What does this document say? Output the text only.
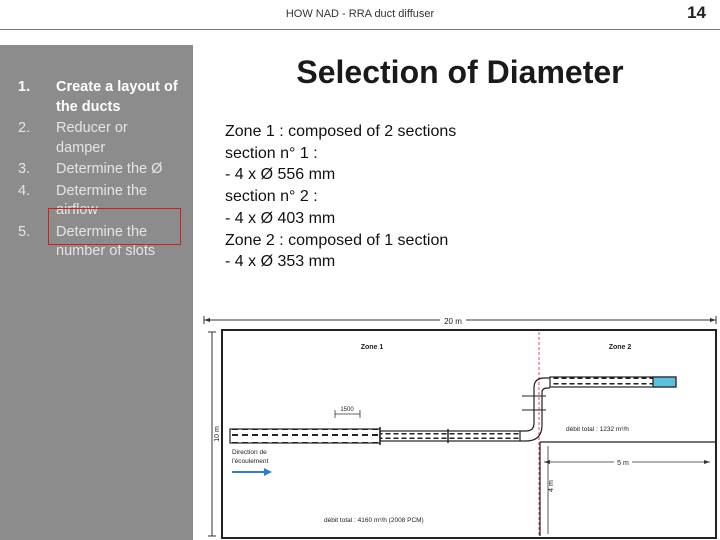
HOW NAD - RRA duct diffuser	14
1. Create a layout of the ducts
2. Reducer or damper
3. Determine the Ø
4. Determine the airflow
5. Determine the number of slots
Selection of Diameter
Zone 1 : composed of 2 sections
section n° 1 :
- 4 x Ø 556 mm
section n° 2 :
- 4 x Ø 403 mm
Zone 2 : composed of 1 section
- 4 x Ø 353 mm
20 m
10 m
Zone 1	Zone 2
1500
Direction de
l'écoulement
débit total : 1232 m³/h
5 m
4 m
débit total : 4160 m³/h (2008 PCM)
